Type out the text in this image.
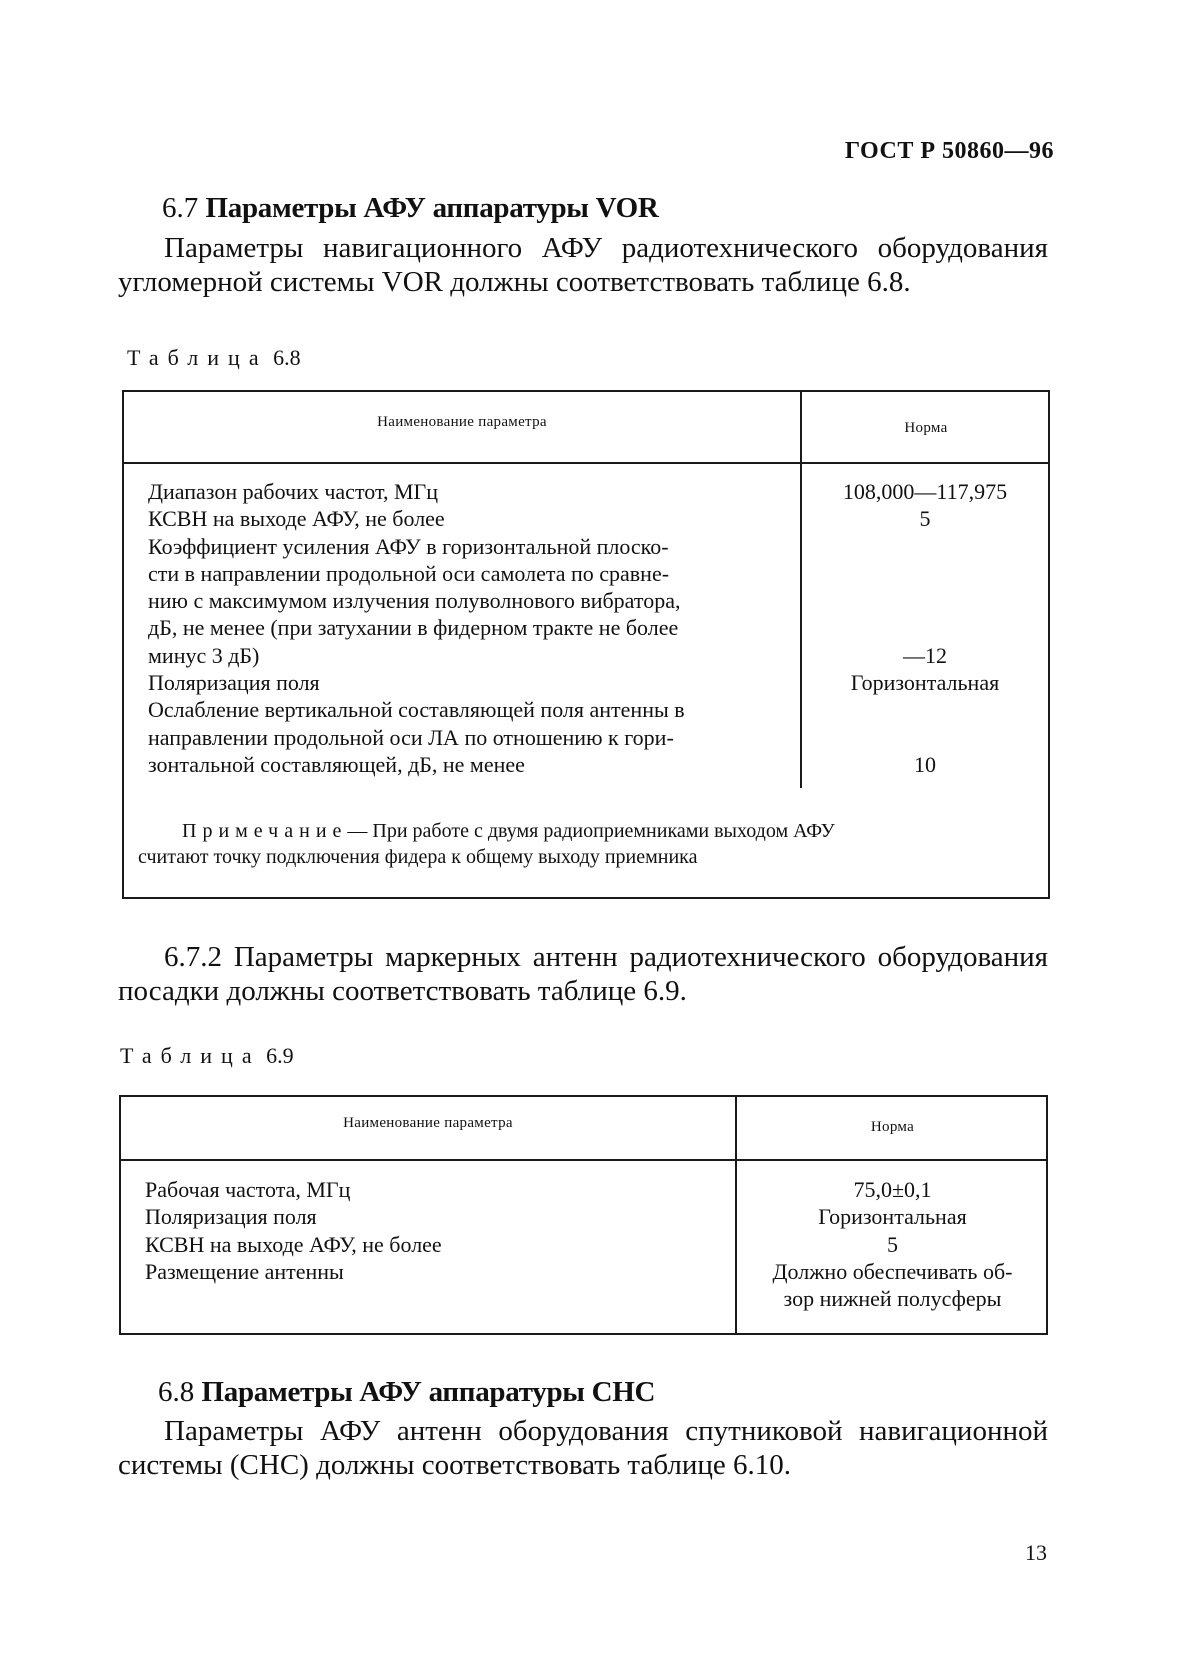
ГОСТ Р 50860—96
6.7 Параметры АФУ аппаратуры VOR
Параметры навигационного АФУ радиотехнического оборудования угломерной системы VOR должны соответствовать таблице 6.8.
Таблица 6.8
Наименование параметра	Норма
Диапазон рабочих частот, МГц
КСВН на выходе АФУ, не более
Коэффициент усиления АФУ в горизонтальной плоско-
сти в направлении продольной оси самолета по сравне-
нию с максимумом излучения полуволнового вибратора,
дБ, не менее (при затухании в фидерном тракте не более
минус 3 дБ)
Поляризация поля
Ослабление вертикальной составляющей поля антенны в
направлении продольной оси ЛА по отношению к гори-
зонтальной составляющей, дБ, не менее
108,000—117,975
5
—12
Горизонтальная
10
Примечание— При работе с двумя радиоприемниками выходом АФУ
считают точку подключения фидера к общему выходу приемника
6.7.2 Параметры маркерных антенн радиотехнического оборудования посадки должны соответствовать таблице 6.9.
Таблица 6.9
Наименование параметра	Норма
Рабочая частота, МГц
Поляризация поля
КСВН на выходе АФУ, не более
Размещение антенны
75,0±0,1
Горизонтальная
5
Должно обеспечивать об-
зор нижней полусферы
6.8 Параметры АФУ аппаратуры СНС
Параметры АФУ антенн оборудования спутниковой навигационной системы (СНС) должны соответствовать таблице 6.10.
13
